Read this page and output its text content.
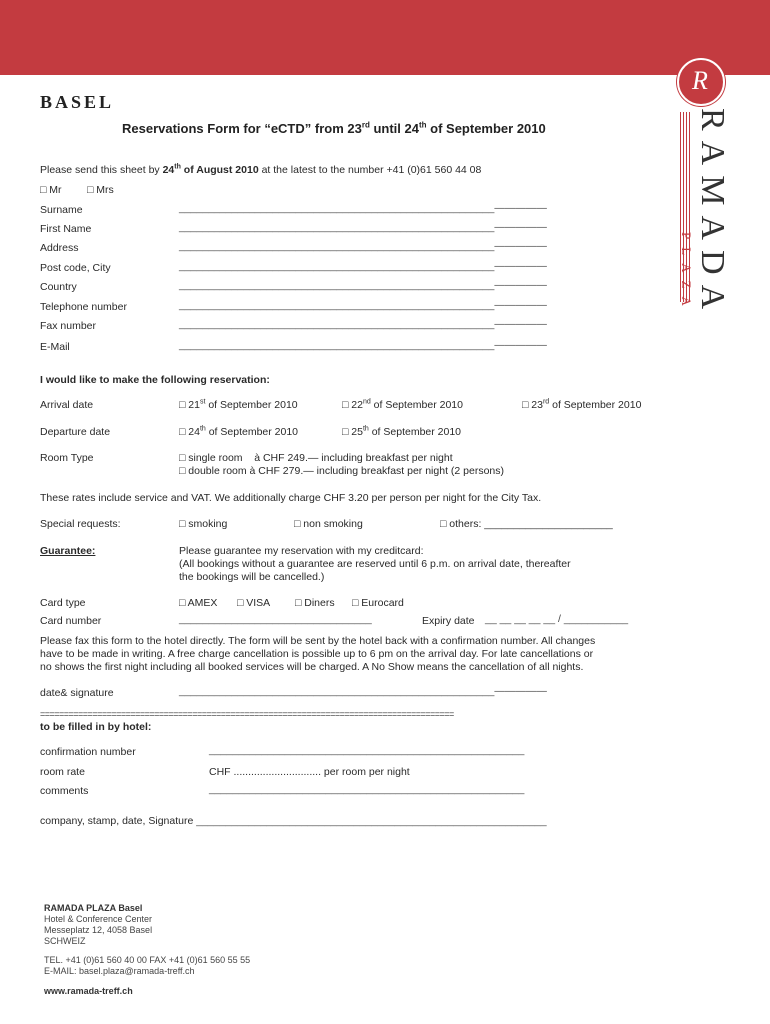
R
RAMADA
PLAZA
BASEL
Reservations Form for “eCTD” from 23rd until 24th of September 2010
Please send this sheet by 24th of August 2010 at the latest to the number +41 (0)61 560 44 08
□ Mr □ Mrs
Surname	______________________________________________________—————
First Name	______________________________________________________—————
Address	______________________________________________________—————
Post code, City	______________________________________________________—————
Country	______________________________________________________—————
Telephone number	______________________________________________________—————
Fax number	______________________________________________________—————
E-Mail	______________________________________________________—————
I would like to make the following reservation:
Arrival date	□ 21st of September 2010	□ 22nd of September 2010	□ 23rd of September 2010
Departure date	□ 24th of September 2010	□ 25th of September 2010
Room Type	□ single room    à CHF 249.— including breakfast per night
□ double room à CHF 279.— including breakfast per night (2 persons)
These rates include service and VAT. We additionally charge CHF 3.20 per person per night for the City Tax.
Special requests:	□ smoking	□ non smoking	□ others: ______________________
Guarantee:	Please guarantee my reservation with my creditcard:
(All bookings without a guarantee are reserved until 6 p.m. on arrival date, thereafter
the bookings will be cancelled.)
Card type	□ AMEX □ VISA □ Diners □ Eurocard
Card number	_________________________________	Expiry date __ __ __ __ __ / ___________
Please fax this form to the hotel directly. The form will be sent by the hotel back with a confirmation number. All changes
have to be made in writing. A free charge cancellation is possible up to 6 pm on the arrival day. For late cancellations or
no shows the first night including all booked services will be charged. A No Show means the cancellation of all nights.
date& signature	______________________________________________________—————
=======================================================================================
to be filled in by hotel:
confirmation number	______________________________________________________
room rate	CHF .............................. per room per night
comments	______________________________________________________
company, stamp, date, Signature ____________________________________________________________
RAMADA PLAZA Basel
Hotel & Conference Center
Messeplatz 12, 4058 Basel
SCHWEIZ
TEL. +41 (0)61 560 40 00 FAX +41 (0)61 560 55 55
E-MAIL: basel.plaza@ramada-treff.ch
www.ramada-treff.ch
